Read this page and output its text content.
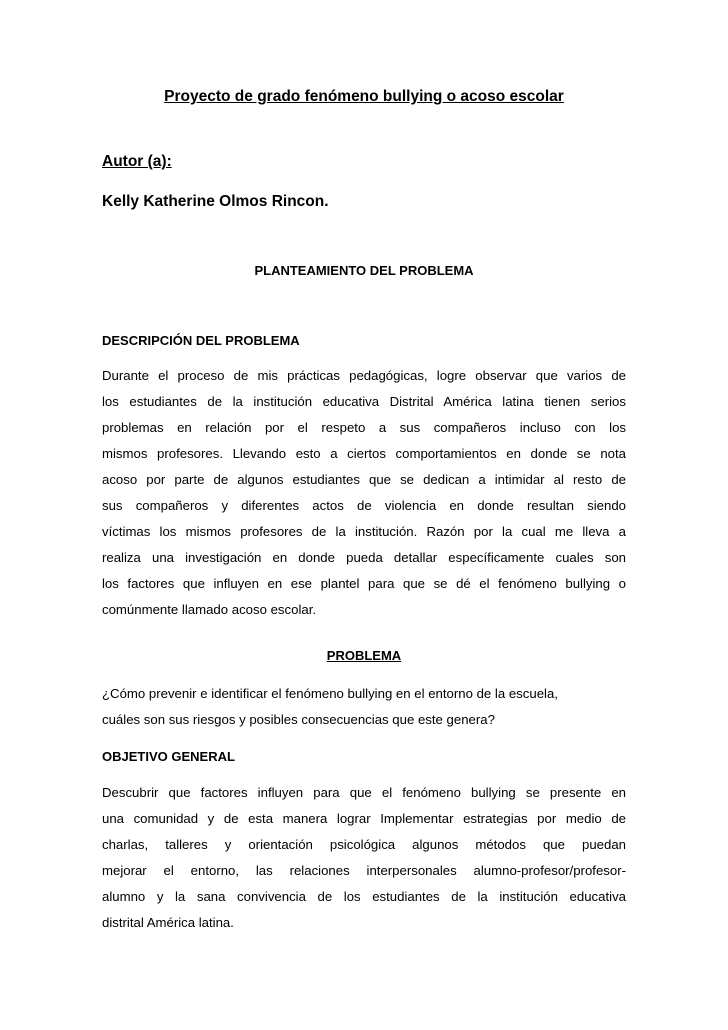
Proyecto de grado fenómeno bullying o acoso escolar

Autor (a):

Kelly Katherine Olmos Rincon.

PLANTEAMIENTO DEL PROBLEMA
DESCRIPCIÓN DEL PROBLEMA
Durante el proceso de mis prácticas pedagógicas, logre observar que varios de
los estudiantes de la institución educativa Distrital América latina tienen serios
problemas en relación por el respeto a sus compañeros incluso con los
mismos profesores. Llevando esto a ciertos comportamientos en donde se nota
acoso por parte de algunos estudiantes que se dedican a intimidar al resto de
sus compañeros y diferentes actos de violencia en donde resultan siendo
víctimas los mismos profesores de la institución. Razón por la cual me lleva a
realiza una investigación en donde pueda detallar específicamente cuales son
los factores que influyen en ese plantel para que se dé el fenómeno bullying o
comúnmente llamado acoso escolar.
PROBLEMA
¿Cómo prevenir e identificar el fenómeno bullying en el entorno de la escuela,
cuáles son sus riesgos y posibles consecuencias que este genera?
OBJETIVO GENERAL
Descubrir que factores influyen para que el fenómeno bullying se presente en
una comunidad y de esta manera lograr Implementar estrategias por medio de
charlas, talleres y orientación psicológica algunos métodos que puedan
mejorar el entorno, las relaciones interpersonales alumno-profesor/profesor-
alumno y la sana convivencia de los estudiantes de la institución educativa
distrital América latina.
